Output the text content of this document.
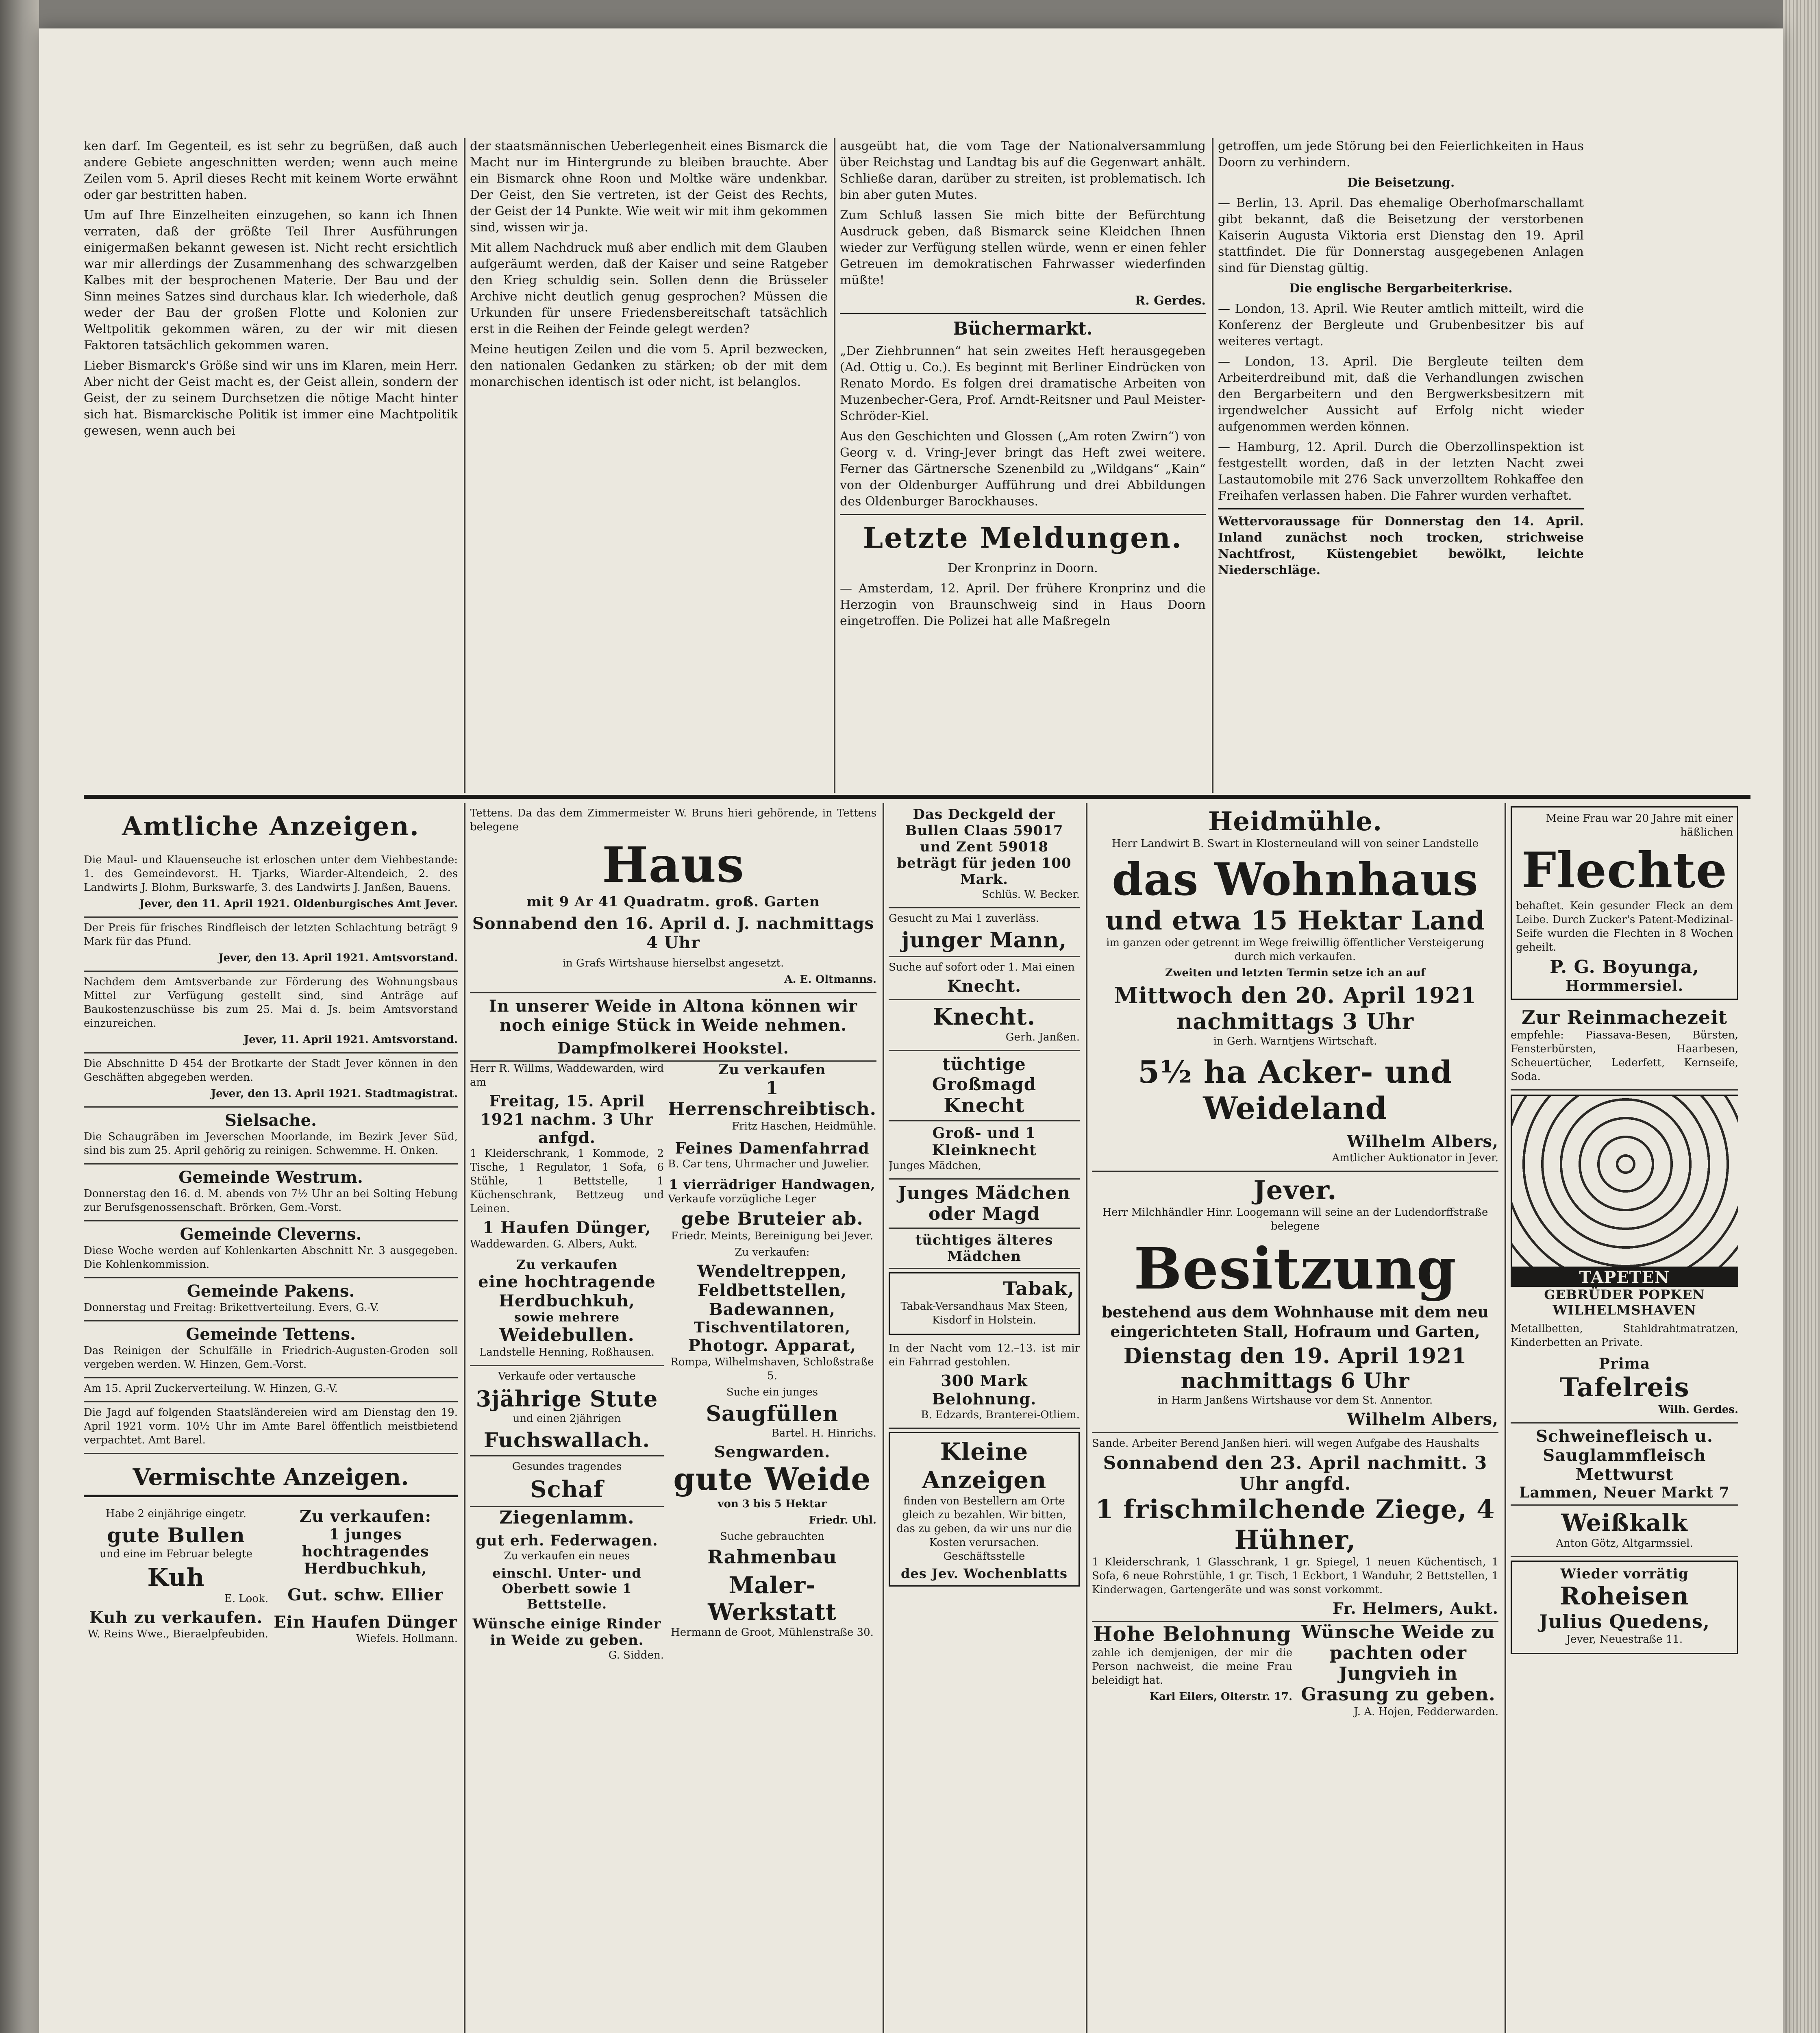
ken darf. Im Gegenteil, es ist sehr zu begrüßen, daß auch andere Gebiete angeschnitten werden; wenn auch meine Zeilen vom 5. April dieses Recht mit keinem Worte erwähnt oder gar bestritten haben.

Um auf Ihre Einzelheiten einzugehen, so kann ich Ihnen verraten, daß der größte Teil Ihrer Ausführungen einigermaßen bekannt gewesen ist. Nicht recht ersichtlich war mir allerdings der Zusammenhang des schwarzgelben Kalbes mit der besprochenen Materie. Der Bau und der Sinn meines Satzes sind durchaus klar. Ich wiederhole, daß weder der Bau der großen Flotte und Kolonien zur Weltpolitik gekommen wären, zu der wir mit diesen Faktoren tatsächlich gekommen waren.

Lieber Bismarck's Größe sind wir uns im Klaren, mein Herr. Aber nicht der Geist macht es, der Geist allein, sondern der Geist, der zu seinem Durchsetzen die nötige Macht hinter sich hat. Bismarckische Politik ist immer eine Machtpolitik gewesen, wenn auch bei

der staatsmännischen Ueberlegenheit eines Bismarck die Macht nur im Hintergrunde zu bleiben brauchte. Aber ein Bismarck ohne Roon und Moltke wäre undenkbar. Der Geist, den Sie vertreten, ist der Geist des Rechts, der Geist der 14 Punkte. Wie weit wir mit ihm gekommen sind, wissen wir ja.

Mit allem Nachdruck muß aber endlich mit dem Glauben aufgeräumt werden, daß der Kaiser und seine Ratgeber den Krieg schuldig sein. Sollen denn die Brüsseler Archive nicht deutlich genug gesprochen? Müssen die Urkunden für unsere Friedensbereitschaft tatsächlich erst in die Reihen der Feinde gelegt werden?

Meine heutigen Zeilen und die vom 5. April bezwecken, den nationalen Gedanken zu stärken; ob der mit dem monarchischen identisch ist oder nicht, ist belanglos.

ausgeübt hat, die vom Tage der Nationalversammlung über Reichstag und Landtag bis auf die Gegenwart anhält. Schließe daran, darüber zu streiten, ist problematisch. Ich bin aber guten Mutes.

Zum Schluß lassen Sie mich bitte der Befürchtung Ausdruck geben, daß Bismarck seine Kleidchen Ihnen wieder zur Verfügung stellen würde, wenn er einen fehler Getreuen im demokratischen Fahrwasser wiederfinden müßte!

R. Gerdes.

Büchermarkt.

„Der Ziehbrunnen“ hat sein zweites Heft herausgegeben (Ad. Ottig u. Co.). Es beginnt mit Berliner Eindrücken von Renato Mordo. Es folgen drei dramatische Arbeiten von Muzenbecher-Gera, Prof. Arndt-Reitsner und Paul Meister-Schröder-Kiel.

Aus den Geschichten und Glossen („Am roten Zwirn“) von Georg v. d. Vring-Jever bringt das Heft zwei weitere. Ferner das Gärtnersche Szenenbild zu „Wildgans“ „Kain“ von der Oldenburger Aufführung und drei Abbildungen des Oldenburger Barockhauses.

Letzte Meldungen.

Der Kronprinz in Doorn.

— Amsterdam, 12. April. Der frühere Kronprinz und die Herzogin von Braunschweig sind in Haus Doorn eingetroffen. Die Polizei hat alle Maßregeln

getroffen, um jede Störung bei den Feierlichkeiten in Haus Doorn zu verhindern.

Die Beisetzung.

— Berlin, 13. April. Das ehemalige Oberhofmarschallamt gibt bekannt, daß die Beisetzung der verstorbenen Kaiserin Augusta Viktoria erst Dienstag den 19. April stattfindet. Die für Donnerstag ausgegebenen Anlagen sind für Dienstag gültig.

Die englische Bergarbeiterkrise.

— London, 13. April. Wie Reuter amtlich mitteilt, wird die Konferenz der Bergleute und Grubenbesitzer bis auf weiteres vertagt.

— London, 13. April. Die Bergleute teilten dem Arbeiterdreibund mit, daß die Verhandlungen zwischen den Bergarbeitern und den Bergwerksbesitzern mit irgendwelcher Aussicht auf Erfolg nicht wieder aufgenommen werden können.

— Hamburg, 12. April. Durch die Oberzollinspektion ist festgestellt worden, daß in der letzten Nacht zwei Lastautomobile mit 276 Sack unverzolltem Rohkaffee den Freihafen verlassen haben. Die Fahrer wurden verhaftet.

Wettervoraussage für Donnerstag den 14. April. Inland zunächst noch trocken, strichweise Nachtfrost, Küstengebiet bewölkt, leichte Niederschläge.

Amtliche Anzeigen.

Die Maul- und Klauenseuche ist erloschen unter dem Viehbestande: 1. des Gemeindevorst. H. Tjarks, Wiarder-Altendeich, 2. des Landwirts J. Blohm, Burkswarfe, 3. des Landwirts J. Janßen, Bauens.

Jever, den 11. April 1921. Oldenburgisches Amt Jever.

Der Preis für frisches Rindfleisch der letzten Schlachtung beträgt 9 Mark für das Pfund.

Jever, den 13. April 1921. Amtsvorstand.

Nachdem dem Amtsverbande zur Förderung des Wohnungsbaus Mittel zur Verfügung gestellt sind, sind Anträge auf Baukostenzuschüsse bis zum 25. Mai d. Js. beim Amtsvorstand einzureichen.

Jever, 11. April 1921. Amtsvorstand.

Die Abschnitte D 454 der Brotkarte der Stadt Jever können in den Geschäften abgegeben werden.

Jever, den 13. April 1921. Stadtmagistrat.

Sielsache.

Die Schaugräben im Jeverschen Moorlande, im Bezirk Jever Süd, sind bis zum 25. April gehörig zu reinigen. Schwemme. H. Onken.

Gemeinde Westrum.

Donnerstag den 16. d. M. abends von 7½ Uhr an bei Solting Hebung zur Berufsgenossenschaft. Brörken, Gem.-Vorst.

Gemeinde Cleverns.

Diese Woche werden auf Kohlenkarten Abschnitt Nr. 3 ausgegeben. Die Kohlenkommission.

Gemeinde Pakens.

Donnerstag und Freitag: Brikettverteilung. Evers, G.-V.

Gemeinde Tettens.

Das Reinigen der Schulfälle in Friedrich-Augusten-Groden soll vergeben werden. W. Hinzen, Gem.-Vorst.

Am 15. April Zuckerverteilung. W. Hinzen, G.-V.

Die Jagd auf folgenden Staatsländereien wird am Dienstag den 19. April 1921 vorm. 10½ Uhr im Amte Barel öffentlich meistbietend verpachtet. Amt Barel.

Vermischte Anzeigen.

Habe 2 einjährige eingetr.

gute Bullen

und eine im Februar belegte

Kuh

E. Look.

Kuh zu verkaufen.

W. Reins Wwe., Bieraelpfeubiden.

Zu verkaufen:
1 junges hochtragendes Herdbuchkuh,
Gut. schw. Ellier
Ein Haufen Dünger

Wiefels. Hollmann.

Tettens. Da das dem Zimmermeister W. Bruns hieri gehörende, in Tettens belegene

Haus
mit 9 Ar 41 Quadratm. groß. Garten
Sonnabend den 16. April d. J. nachmittags 4 Uhr

in Grafs Wirtshause hierselbst angesetzt.

A. E. Oltmanns.

In unserer Weide in Altona können wir noch einige Stück in Weide nehmen.
Dampfmolkerei Hookstel.

Herr R. Willms, Waddewarden, wird am

Freitag, 15. April 1921 nachm. 3 Uhr anfgd.

1 Kleiderschrank, 1 Kommode, 2 Tische, 1 Regulator, 1 Sofa, 6 Stühle, 1 Bettstelle, 1 Küchenschrank, Bettzeug und Leinen.

1 Haufen Dünger,

Waddewarden. G. Albers, Aukt.

Zu verkaufen
eine hochtragende Herdbuchkuh,
sowie mehrere
Weidebullen.

Landstelle Henning, Roßhausen.

Verkaufe oder vertausche

3jährige Stute

und einen 2jährigen

Fuchswallach.

Gesundes tragendes

Schaf
Ziegenlamm.
gut erh. Federwagen.

Zu verkaufen ein neues

einschl. Unter- und Oberbett sowie 1 Bettstelle.
Wünsche einige Rinder in Weide zu geben.

G. Sidden.

Zu verkaufen
1 Herrenschreibtisch.

Fritz Haschen, Heidmühle.

Feines Damenfahrrad

B. Car tens, Uhrmacher und Juwelier.

1 vierrädriger Handwagen,

Verkaufe vorzügliche Leger

gebe Bruteier ab.

Friedr. Meints, Bereinigung bei Jever.

Zu verkaufen:

Wendeltreppen,
Feldbettstellen,
Badewannen,
Tischventilatoren,
Photogr. Apparat,

Rompa, Wilhelmshaven, Schloßstraße 5.

Suche ein junges

Saugfüllen

Bartel. H. Hinrichs.

Sengwarden.
gute Weide

von 3 bis 5 Hektar

Friedr. Uhl.

Suche gebrauchten

Rahmenbau
Maler-Werkstatt

Hermann de Groot, Mühlenstraße 30.

Das Deckgeld der Bullen Claas 59017 und Zent 59018 beträgt für jeden 100 Mark.

Schlüs. W. Becker.

Gesucht zu Mai 1 zuverläss.

junger Mann,

Suche auf sofort oder 1. Mai einen

Knecht.
Knecht.

Gerh. Janßen.

tüchtige Großmagd
Knecht
Groß- und 1 Kleinknecht

Junges Mädchen,

Junges Mädchen oder Magd
tüchtiges älteres Mädchen
Tabak,

Tabak-Versandhaus Max Steen, Kisdorf in Holstein.

In der Nacht vom 12.–13. ist mir ein Fahrrad gestohlen.

300 Mark Belohnung.

B. Edzards, Branterei-Otliem.

Kleine Anzeigen

finden von Bestellern am Orte gleich zu bezahlen. Wir bitten, das zu geben, da wir uns nur die Kosten verursachen. Geschäftsstelle

des Jev. Wochenblatts
Heidmühle.

Herr Landwirt B. Swart in Klosterneuland will von seiner Landstelle

das Wohnhaus
und etwa 15 Hektar Land

im ganzen oder getrennt im Wege freiwillig öffentlicher Versteigerung durch mich verkaufen.

Zweiten und letzten Termin setze ich an auf

Mittwoch den 20. April 1921 nachmittags 3 Uhr

in Gerh. Warntjens Wirtschaft.

5½ ha Acker- und Weideland
Wilhelm Albers,

Amtlicher Auktionator in Jever.

Jever.

Herr Milchhändler Hinr. Loogemann will seine an der Ludendorffstraße belegene

Besitzung

bestehend aus dem Wohnhause mit dem neu eingerichteten Stall, Hofraum und Garten,

Dienstag den 19. April 1921 nachmittags 6 Uhr

in Harm Janßens Wirtshause vor dem St. Annentor.

Wilhelm Albers,

Sande. Arbeiter Berend Janßen hieri. will wegen Aufgabe des Haushalts

Sonnabend den 23. April nachmitt. 3 Uhr angfd.
1 frischmilchende Ziege, 4 Hühner,

1 Kleiderschrank, 1 Glasschrank, 1 gr. Spiegel, 1 neuen Küchentisch, 1 Sofa, 6 neue Rohrstühle, 1 gr. Tisch, 1 Eckbort, 1 Wanduhr, 2 Bettstellen, 1 Kinderwagen, Gartengeräte und was sonst vorkommt.

Fr. Helmers, Aukt.
Hohe Belohnung

zahle ich demjenigen, der mir die Person nachweist, die meine Frau beleidigt hat.

Karl Eilers, Olterstr. 17.

Wünsche Weide zu pachten oder Jungvieh in Grasung zu geben.

J. A. Hojen, Fedderwarden.

Meine Frau war 20 Jahre mit einer häßlichen

Flechte

behaftet. Kein gesunder Fleck an dem Leibe. Durch Zucker's Patent-Medizinal-Seife wurden die Flechten in 8 Wochen geheilt.

P. G. Boyunga,
Hormmersiel.
Zur Reinmachezeit

empfehle: Piassava-Besen, Bürsten, Fensterbürsten, Haarbesen, Scheuertücher, Lederfett, Kernseife, Soda.

TAPETEN
GEBRÜDER POPKEN
WILHELMSHAVEN

Metallbetten, Stahldrahtmatratzen, Kinderbetten an Private.

Prima
Tafelreis

Wilh. Gerdes.

Schweinefleisch u. Sauglammfleisch
Mettwurst
Lammen, Neuer Markt 7
Weißkalk

Anton Götz, Altgarmssiel.

Wieder vorrätig
Roheisen
Julius Quedens,

Jever, Neuestraße 11.
